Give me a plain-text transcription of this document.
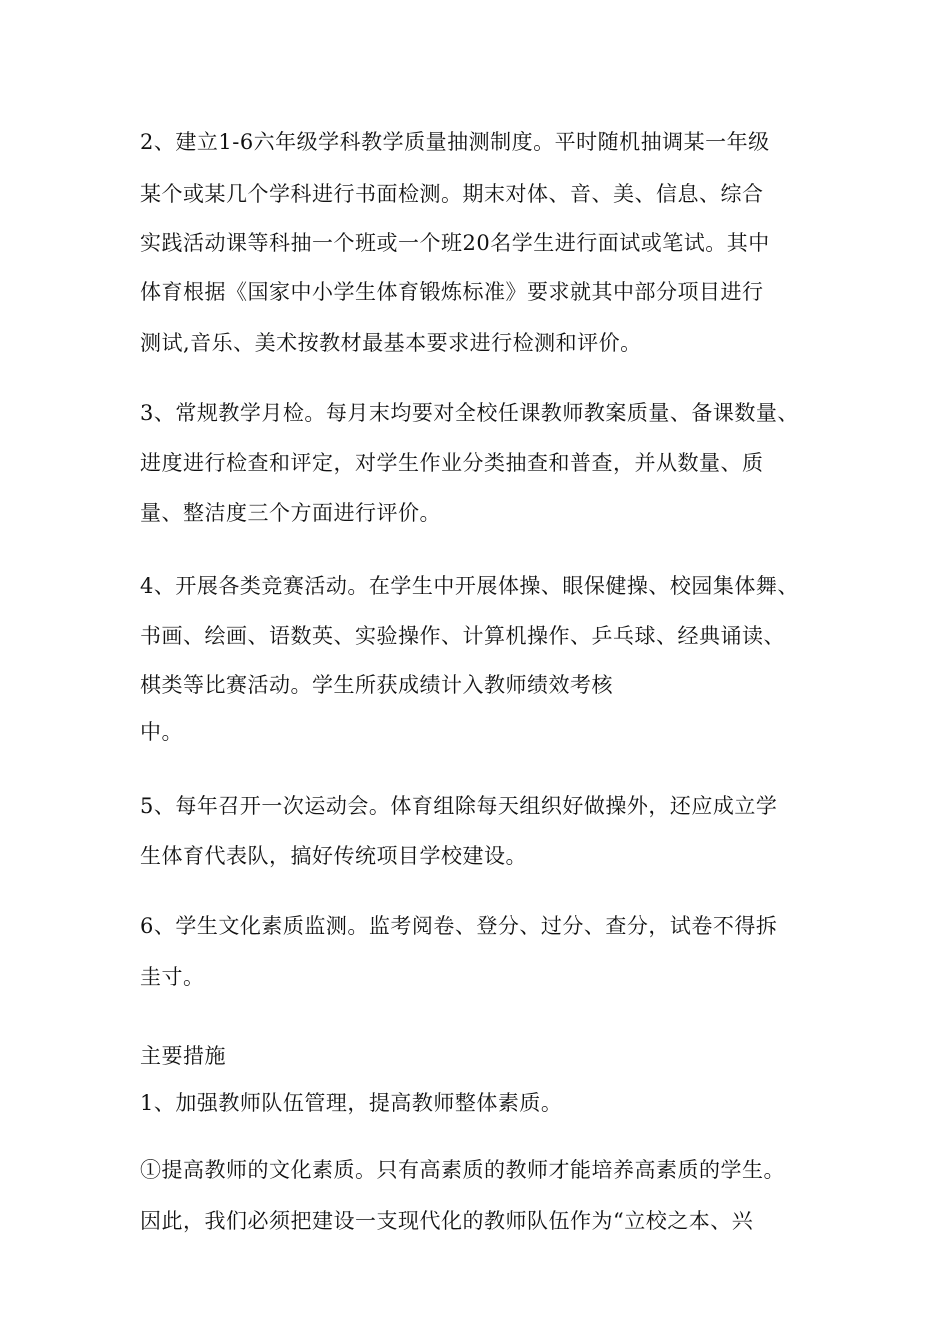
2、建立1-6六年级学科教学质量抽测制度。平时随机抽调某一年级
某个或某几个学科进行书面检测。期末对体、音、美、信息、综合
实践活动课等科抽一个班或一个班20名学生进行面试或笔试。其中
体育根据《国家中小学生体育锻炼标准》要求就其中部分项目进行
测试,音乐、美术按教材最基本要求进行检测和评价。
3、常规教学月检。每月末均要对全校任课教师教案质量、备课数量、
进度进行检查和评定，对学生作业分类抽查和普查，并从数量、质
量、整洁度三个方面进行评价。
4、开展各类竞赛活动。在学生中开展体操、眼保健操、校园集体舞、
书画、绘画、语数英、实验操作、计算机操作、乒乓球、经典诵读、
棋类等比赛活动。学生所获成绩计入教师绩效考核
中。
5、每年召开一次运动会。体育组除每天组织好做操外，还应成立学
生体育代表队，搞好传统项目学校建设。
6、学生文化素质监测。监考阅卷、登分、过分、查分，试卷不得拆
圭寸。
主要措施
1、加强教师队伍管理，提高教师整体素质。
①提高教师的文化素质。只有高素质的教师才能培养高素质的学生。
因此，我们必须把建设一支现代化的教师队伍作为“立校之本、兴
